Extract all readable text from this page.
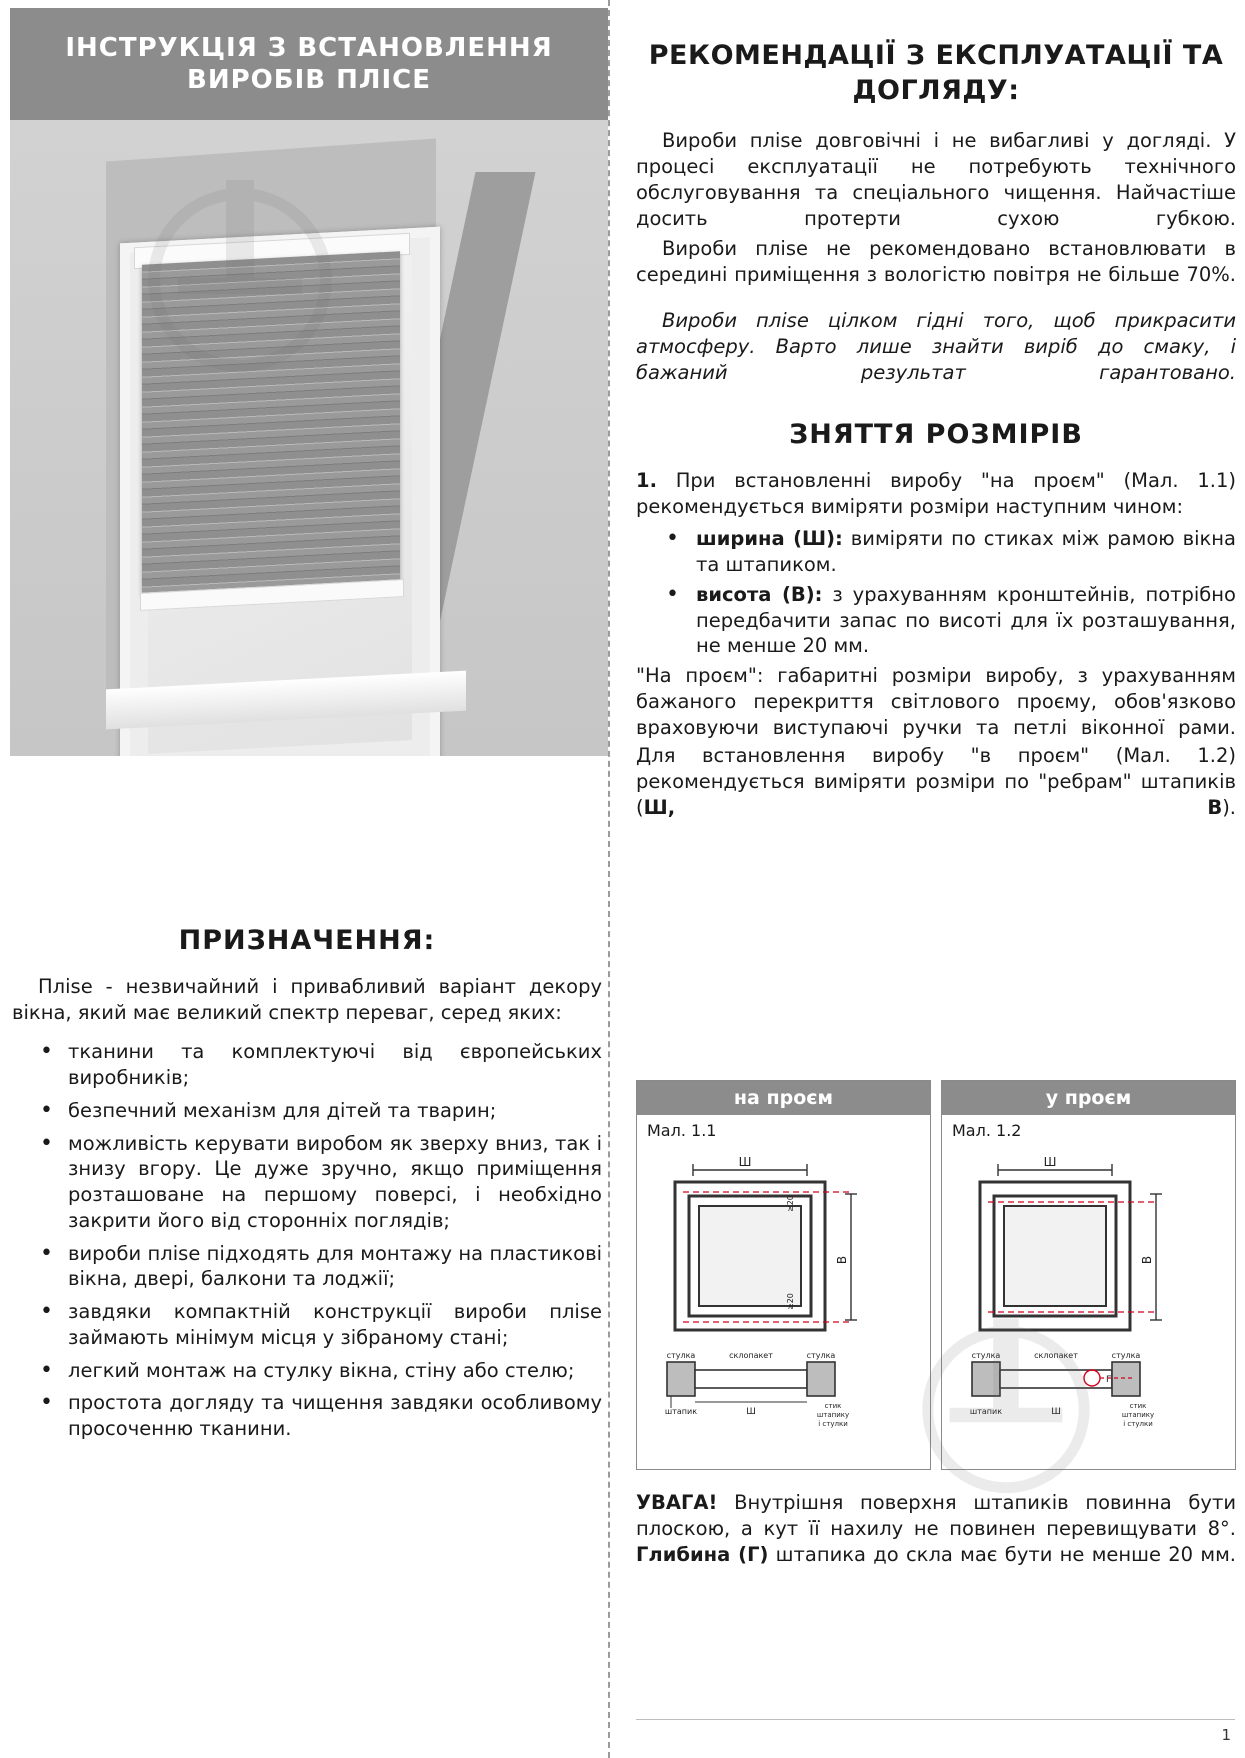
ІНСТРУКЦІЯ З ВСТАНОВЛЕННЯ ВИРОБІВ ПЛІСЕ
ПРИЗНАЧЕННЯ:
Пліse - незвичайний і привабливий варіант декору вікна, який має великий спектр переваг, серед яких:
• тканини та комплектуючі від європейських виробників;
• безпечний механізм для дітей та тварин;
• можливість керувати виробом як зверху вниз, так і знизу вгору. Це дуже зручно, якщо приміщення розташоване на першому поверсі, і необхідно закрити його від сторонніх поглядів;
• вироби пліse підходять для монтажу на пластикові вікна, двері, балкони та лоджії;
• завдяки компактній конструкції вироби пліse займають мінімум місця у зібраному стані;
• легкий монтаж на стулку вікна, стіну або стелю;
• простота догляду та чищення завдяки особливому просоченню тканини.
РЕКОМЕНДАЦІЇ З ЕКСПЛУАТАЦІЇ ТА ДОГЛЯДУ:
Вироби пліse довговічні і не вибагливі у догляді. У процесі експлуатації не потребують технічного обслуговування та спеціального чищення. Найчастіше досить протерти сухою губкою.
Вироби пліse не рекомендовано встановлювати в середині приміщення з вологістю повітря не більше 70%.
Вироби пліse цілком гідні того, щоб прикрасити атмосферу. Варто лише знайти виріб до смаку, і бажаний результат гарантовано.
ЗНЯТТЯ РОЗМІРІВ
1. При встановленні виробу "на проєм" (Мал. 1.1) рекомендується виміряти розміри наступним чином:
• ширина (Ш): виміряти по стиках між рамою вікна та штапиком.
• висота (В): з урахуванням кронштейнів, потрібно передбачити запас по висоті для їх розташування, не менше 20 мм.
"На проєм": габаритні розміри виробу, з урахуванням бажаного перекриття світлового проєму, обов'язково враховуючи виступаючі ручки та петлі віконної рами.
Для встановлення виробу "в проєм" (Мал. 1.2) рекомендується виміряти розміри по "ребрам" штапиків (Ш, В).
на проєм
Мал. 1.1
Ш
В
≥20
≥20
стулка	склопакет	стулка
штапик	Ш
стик
штапику
і стулки
у проєм
Мал. 1.2
Ш
В
стулка	склопакет	стулка
штапик	Ш
стик
штапику
і стулки
Г
УВАГА! Внутрішня поверхня штапиків повинна бути плоскою, а кут її нахилу не повинен перевищувати 8°. Глибина (Г) штапика до скла має бути не менше 20 мм.
1
